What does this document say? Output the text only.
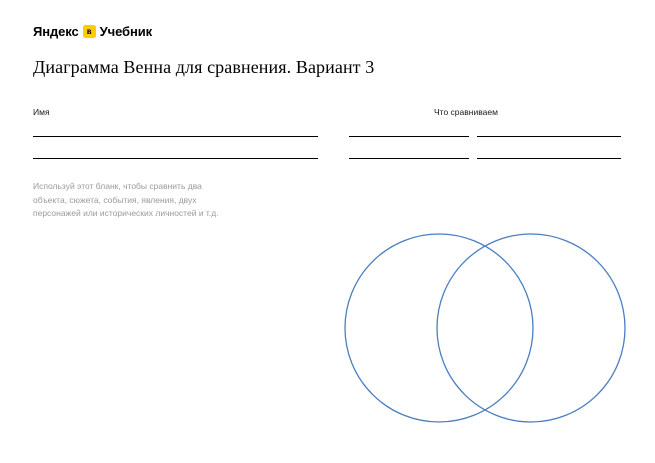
Яндекс в Учебник
Диаграмма Венна для сравнения. Вариант 3
Имя	Что сравниваем
Используй этот бланк, чтобы сравнить два объекта, сюжета, события, явления, двух персонажей или исторических личностей и т.д.
